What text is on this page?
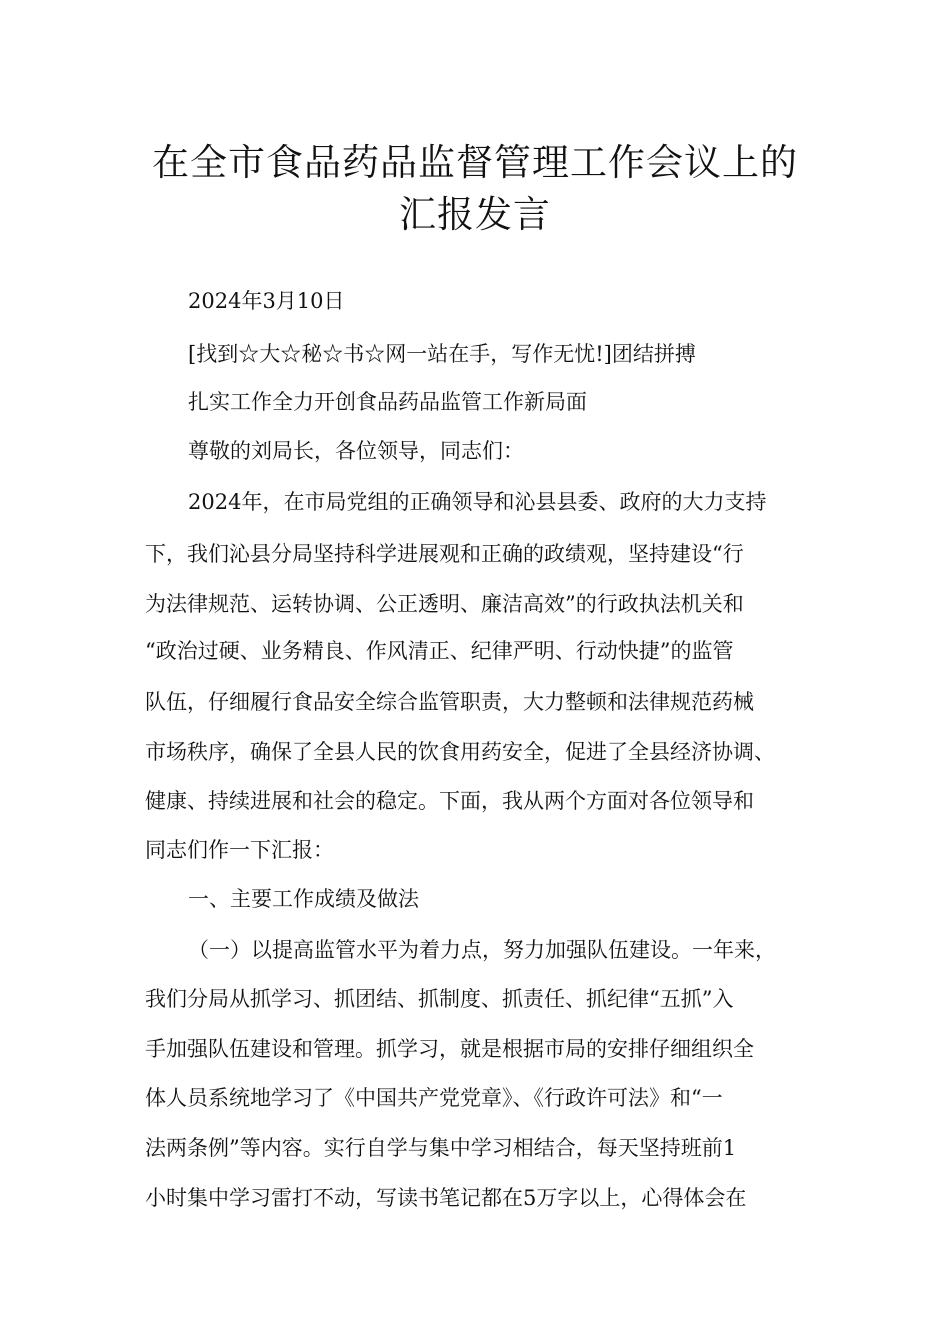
在全市食品药品监督管理工作会议上的
汇报发言
2024年3月10日
[找到☆大☆秘☆书☆网一站在手，写作无忧!]团结拼搏
扎实工作全力开创食品药品监管工作新局面
尊敬的刘局长，各位领导，同志们：
2024年，在市局党组的正确领导和沁县县委、政府的大力支持
下，我们沁县分局坚持科学进展观和正确的政绩观，坚持建设“行
为法律规范、运转协调、公正透明、廉洁高效”的行政执法机关和
“政治过硬、业务精良、作风清正、纪律严明、行动快捷”的监管
队伍，仔细履行食品安全综合监管职责，大力整顿和法律规范药械
市场秩序，确保了全县人民的饮食用药安全，促进了全县经济协调、
健康、持续进展和社会的稳定。下面，我从两个方面对各位领导和
同志们作一下汇报：
一、主要工作成绩及做法
（一）以提高监管水平为着力点，努力加强队伍建设。一年来，
我们分局从抓学习、抓团结、抓制度、抓责任、抓纪律“五抓”入
手加强队伍建设和管理。抓学习，就是根据市局的安排仔细组织全
体人员系统地学习了《中国共产党党章》、《行政许可法》和“一
法两条例”等内容。实行自学与集中学习相结合，每天坚持班前1
小时集中学习雷打不动，写读书笔记都在5万字以上，心得体会在
